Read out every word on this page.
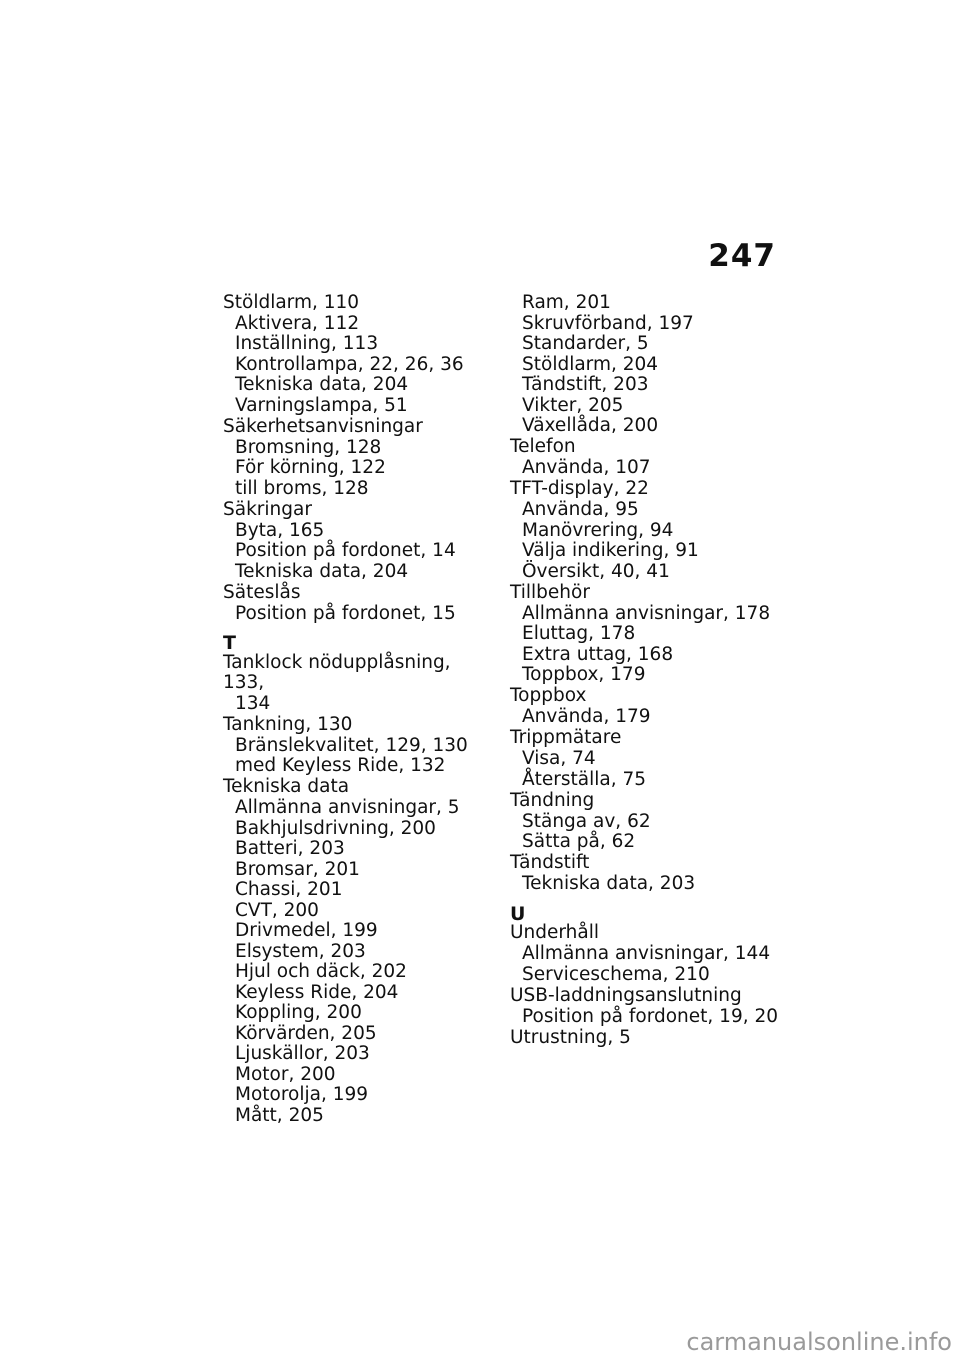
247
Stöldlarm, 110
Aktivera, 112
Inställning, 113
Kontrollampa, 22, 26, 36
Tekniska data, 204
Varningslampa, 51
Säkerhetsanvisningar
Bromsning, 128
För körning, 122
till broms, 128
Säkringar
Byta, 165
Position på fordonet, 14
Tekniska data, 204
Säteslås
Position på fordonet, 15
T
Tanklock nödupplåsning, 133,
134
Tankning, 130
Bränslekvalitet, 129, 130
med Keyless Ride, 132
Tekniska data
Allmänna anvisningar, 5
Bakhjulsdrivning, 200
Batteri, 203
Bromsar, 201
Chassi, 201
CVT, 200
Drivmedel, 199
Elsystem, 203
Hjul och däck, 202
Keyless Ride, 204
Koppling, 200
Körvärden, 205
Ljuskällor, 203
Motor, 200
Motorolja, 199
Mått, 205
Ram, 201
Skruvförband, 197
Standarder, 5
Stöldlarm, 204
Tändstift, 203
Vikter, 205
Växellåda, 200
Telefon
Använda, 107
TFT-display, 22
Använda, 95
Manövrering, 94
Välja indikering, 91
Översikt, 40, 41
Tillbehör
Allmänna anvisningar, 178
Eluttag, 178
Extra uttag, 168
Toppbox, 179
Toppbox
Använda, 179
Trippmätare
Visa, 74
Återställa, 75
Tändning
Stänga av, 62
Sätta på, 62
Tändstift
Tekniska data, 203
U
Underhåll
Allmänna anvisningar, 144
Serviceschema, 210
USB-laddningsanslutning
Position på fordonet, 19, 20
Utrustning, 5
carmanualsonline.info
